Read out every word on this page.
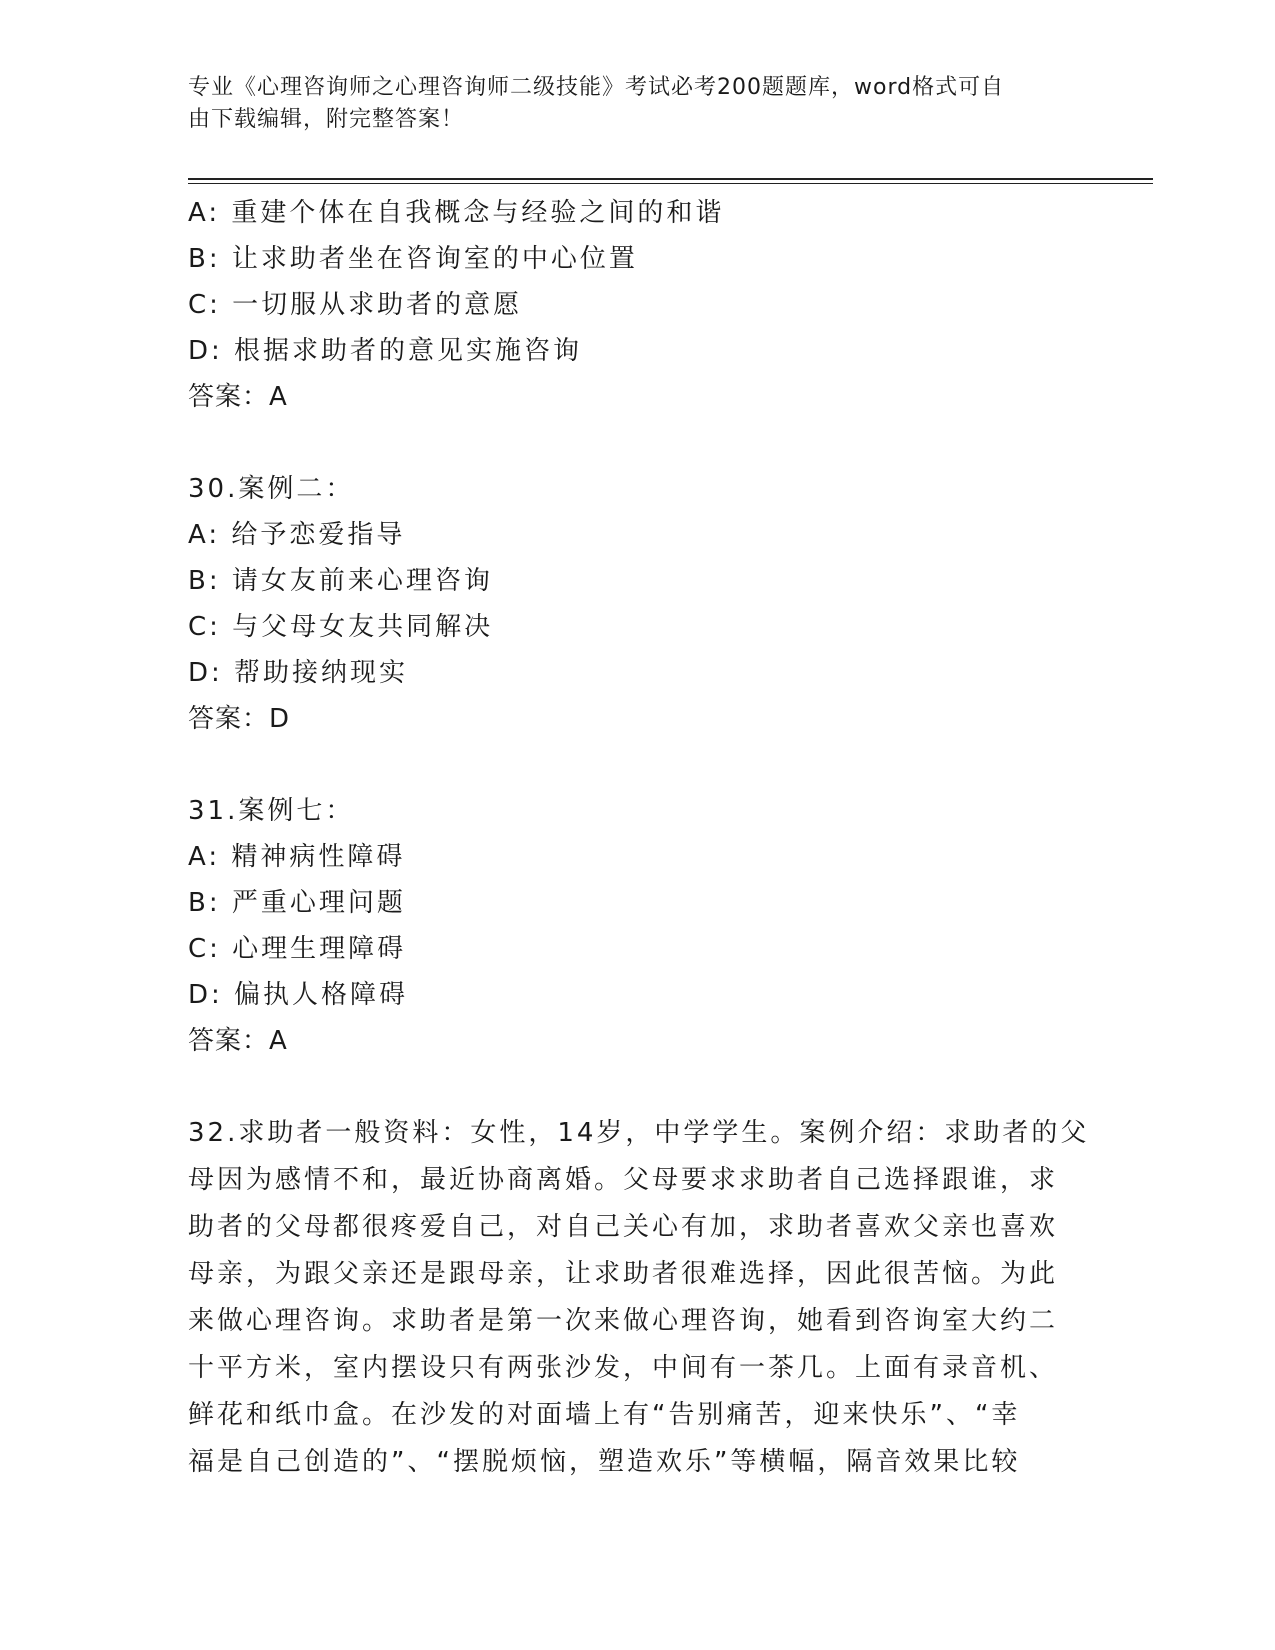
专业《心理咨询师之心理咨询师二级技能》考试必考200题题库，word格式可自
由下载编辑，附完整答案！
A: 重建个体在自我概念与经验之间的和谐
B: 让求助者坐在咨询室的中心位置
C: 一切服从求助者的意愿
D: 根据求助者的意见实施咨询
答案：A
30.案例二：
A: 给予恋爱指导
B: 请女友前来心理咨询
C: 与父母女友共同解决
D: 帮助接纳现实
答案：D
31.案例七：
A: 精神病性障碍
B: 严重心理问题
C: 心理生理障碍
D: 偏执人格障碍
答案：A
32.求助者一般资料：女性，14岁，中学学生。案例介绍：求助者的父
母因为感情不和，最近协商离婚。父母要求求助者自己选择跟谁，求
助者的父母都很疼爱自己，对自己关心有加，求助者喜欢父亲也喜欢
母亲，为跟父亲还是跟母亲，让求助者很难选择，因此很苦恼。为此
来做心理咨询。求助者是第一次来做心理咨询，她看到咨询室大约二
十平方米，室内摆设只有两张沙发，中间有一茶几。上面有录音机、
鲜花和纸巾盒。在沙发的对面墙上有“告别痛苦，迎来快乐”、“幸
福是自己创造的”、“摆脱烦恼，塑造欢乐”等横幅，隔音效果比较
